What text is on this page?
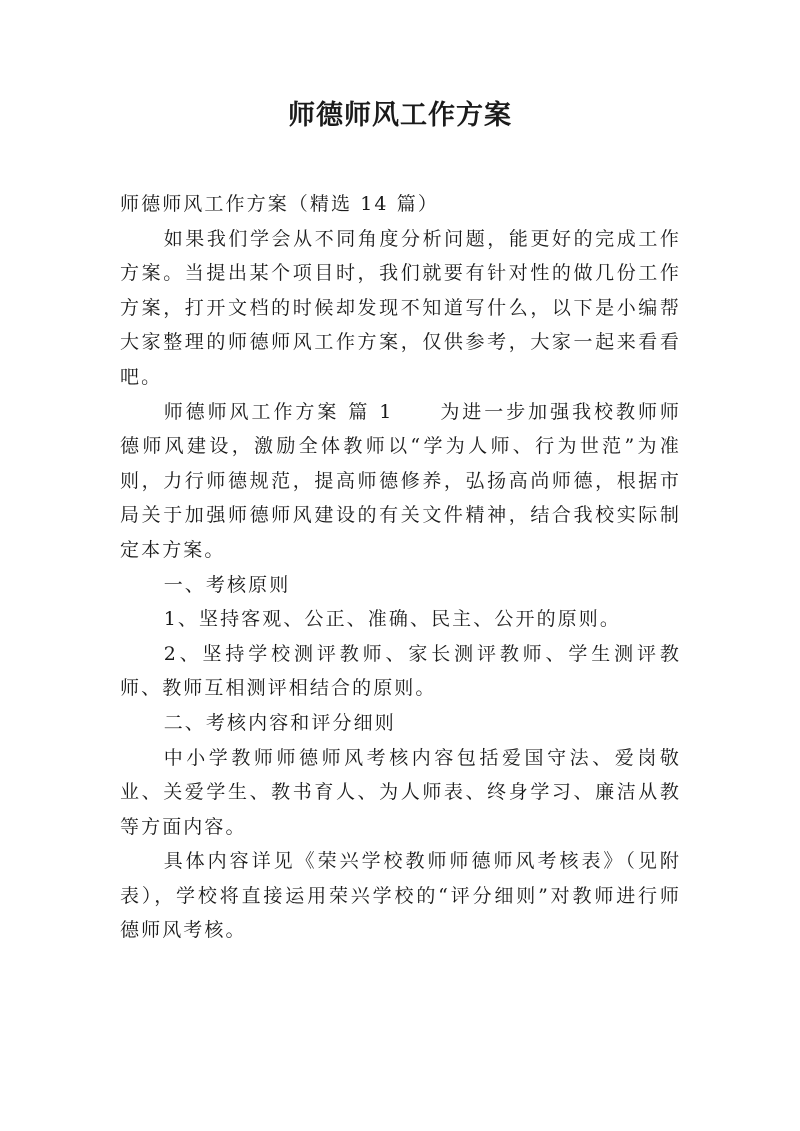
师德师风工作方案

师德师风工作方案（精选 14 篇）

如果我们学会从不同角度分析问题，能更好的完成工作方案。当提出某个项目时，我们就要有针对性的做几份工作方案，打开文档的时候却发现不知道写什么，以下是小编帮大家整理的师德师风工作方案，仅供参考，大家一起来看看吧。

师德师风工作方案 篇 1 为进一步加强我校教师师德师风建设，激励全体教师以“学为人师、行为世范”为准则，力行师德规范，提高师德修养，弘扬高尚师德，根据市局关于加强师德师风建设的有关文件精神，结合我校实际制定本方案。

一、考核原则

1、坚持客观、公正、准确、民主、公开的原则。

2、坚持学校测评教师、家长测评教师、学生测评教师、教师互相测评相结合的原则。

二、考核内容和评分细则

中小学教师师德师风考核内容包括爱国守法、爱岗敬业、关爱学生、教书育人、为人师表、终身学习、廉洁从教等方面内容。

具体内容详见《荣兴学校教师师德师风考核表》（见附表），学校将直接运用荣兴学校的“评分细则”对教师进行师德师风考核。
